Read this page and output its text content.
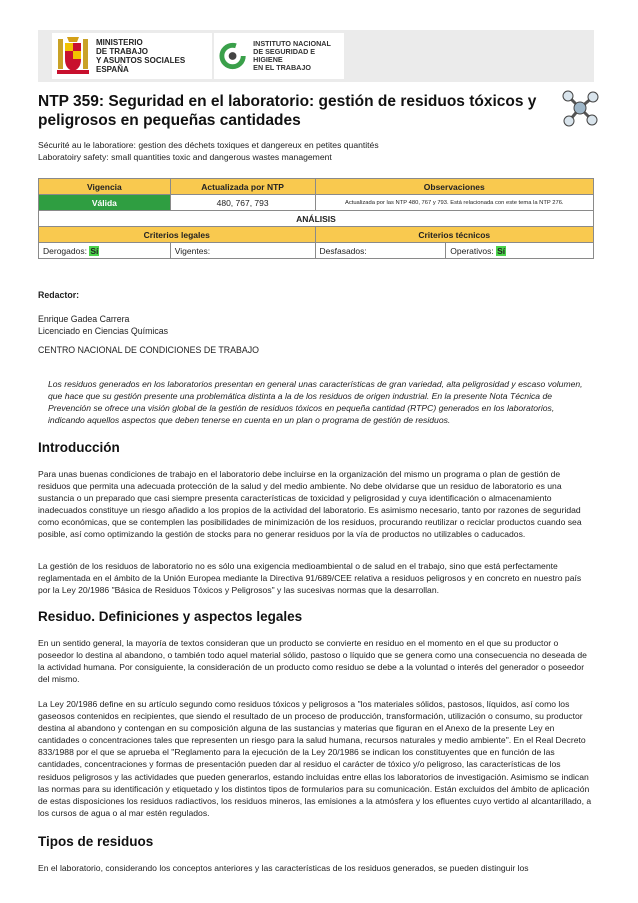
MINISTERIO
DE TRABAJO
Y ASUNTOS SOCIALES
ESPAÑA
INSTITUTO NACIONAL
DE SEGURIDAD E HIGIENE
EN EL TRABAJO
NTP 359: Seguridad en el laboratorio: gestión de residuos tóxicos y peligrosos en pequeñas cantidades
Sécurité au le laboratiore: gestion des déchets toxiques et dangereux en petites quantités
Laboratoiry safety: small quantities toxic and dangerous wastes management
Vigencia	Actualizada por NTP	Observaciones	
Válida	480, 767, 793	Actualizada por las NTP 480, 767 y 793. Está relacionada con este tema la NTP 276.	
ANÁLISIS			
Criterios legales		Criterios técnicos	
Derogados: Sí	Vigentes:	Desfasados:	Operativos: Sí
Redactor:
Enrique Gadea Carrera
Licenciado en Ciencias Químicas
CENTRO NACIONAL DE CONDICIONES DE TRABAJO

Los residuos generados en los laboratorios presentan en general unas características de gran variedad, alta peligrosidad y escaso volumen, que hace que su gestión presente una problemática distinta a la de los residuos de origen industrial. En la presente Nota Técnica de Prevención se ofrece una visión global de la gestión de residuos tóxicos en pequeña cantidad (RTPC) generados en los laboratorios, indicando aquellos aspectos que deben tenerse en cuenta en un plan o programa de gestión de residuos.

Introducción

Para unas buenas condiciones de trabajo en el laboratorio debe incluirse en la organización del mismo un programa o plan de gestión de residuos que permita una adecuada protección de la salud y del medio ambiente. No debe olvidarse que un residuo de laboratorio es una sustancia o un preparado que casi siempre presenta características de toxicidad y peligrosidad y cuya identificación o almacenamiento inadecuados constituye un riesgo añadido a los propios de la actividad del laboratorio. Es asimismo necesario, tanto por razones de seguridad como económicas, que se contemplen las posibilidades de minimización de los residuos, procurando reutilizar o reciclar productos cuando sea posible, así como optimizando la gestión de stocks para no generar residuos por la vía de productos no utilizables o caducados.

La gestión de los residuos de laboratorio no es sólo una exigencia medioambiental o de salud en el trabajo, sino que está perfectamente reglamentada en el ámbito de la Unión Europea mediante la Directiva 91/689/CEE relativa a residuos peligrosos y en concreto en nuestro país por la Ley 20/1986 "Básica de Residuos Tóxicos y Peligrosos" y las sucesivas normas que la desarrollan.

Residuo. Definiciones y aspectos legales

En un sentido general, la mayoría de textos consideran que un producto se convierte en residuo en el momento en el que su productor o poseedor lo destina al abandono, o también todo aquel material sólido, pastoso o líquido que se genera como una consecuencia no deseada de la actividad humana. Por consiguiente, la consideración de un producto como residuo se debe a la voluntad o interés del generador o poseedor del mismo.

La Ley 20/1986 define en su artículo segundo como residuos tóxicos y peligrosos a "los materiales sólidos, pastosos, líquidos, así como los gaseosos contenidos en recipientes, que siendo el resultado de un proceso de producción, transformación, utilización o consumo, su productor destina al abandono y contengan en su composición alguna de las sustancias y materias que figuran en el Anexo de la presente Ley en cantidades o concentraciones tales que representen un riesgo para la salud humana, recursos naturales y medio ambiente". En el Real Decreto 833/1988 por el que se aprueba el "Reglamento para la ejecución de la Ley 20/1986 se indican los constituyentes que en función de las cantidades, concentraciones y formas de presentación pueden dar al residuo el carácter de tóxico y/o peligroso, las características de los residuos peligrosos y las actividades que pueden generarlos, estando incluidas entre ellas los laboratorios de investigación. Asimismo se indican las normas para su identificación y etiquetado y los distintos tipos de formularios para su comunicación. Están excluidos del ámbito de aplicación de estas disposiciones los residuos radiactivos, los residuos mineros, las emisiones a la atmósfera y los efluentes cuyo vertido al alcantarillado, a los cursos de agua o al mar estén regulados.

Tipos de residuos

En el laboratorio, considerando los conceptos anteriores y las características de los residuos generados, se pueden distinguir los
